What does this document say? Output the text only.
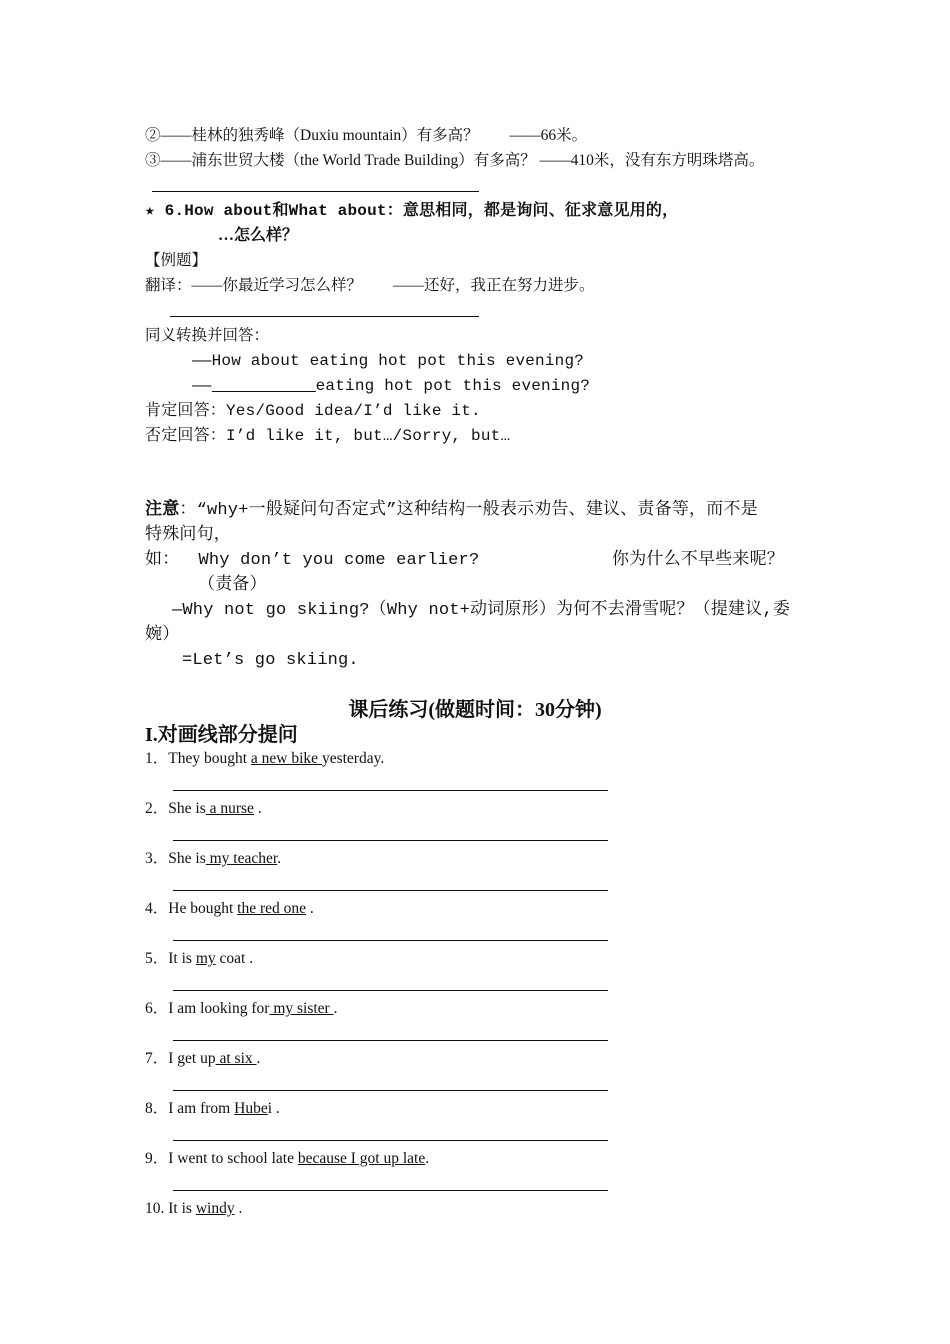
②——桂林的独秀峰（Duxiu mountain）有多高？　　——66米。
③——浦东世贸大楼（the World Trade Building）有多高？ ——410米，没有东方明珠塔高。
★ 6.How about和What about：意思相同，都是询问、征求意见用的，
…怎么样？
【例题】
翻译：——你最近学习怎么样？　　——还好，我正在努力进步。
同义转换并回答：
——How about eating hot pot this evening?
——	eating hot pot this evening?
肯定回答：Yes/Good idea/I’d like it.
否定回答：I’d like it, but…/Sorry, but…
注意：“why+一般疑问句否定式”这种结构一般表示劝告、建议、责备等，而不是
特殊问句，
如：　 Why don’t you come earlier?	你为什么不早些来呢？
（责备）
—Why not go skiing?（Why not+动词原形）为何不去滑雪呢？（提建议,委
婉）
=Let’s go skiing.
课后练习(做题时间：30分钟)
I.对画线部分提问
1．They bought a new bike yesterday.
2．She is a nurse .
3．She is my teacher.
4．He bought the red one .
5．It is my coat .
6．I am looking for my sister .
7．I get up at six .
8．I am from Hubei .
9．I went to school late because I got up late.
10. It is windy .
